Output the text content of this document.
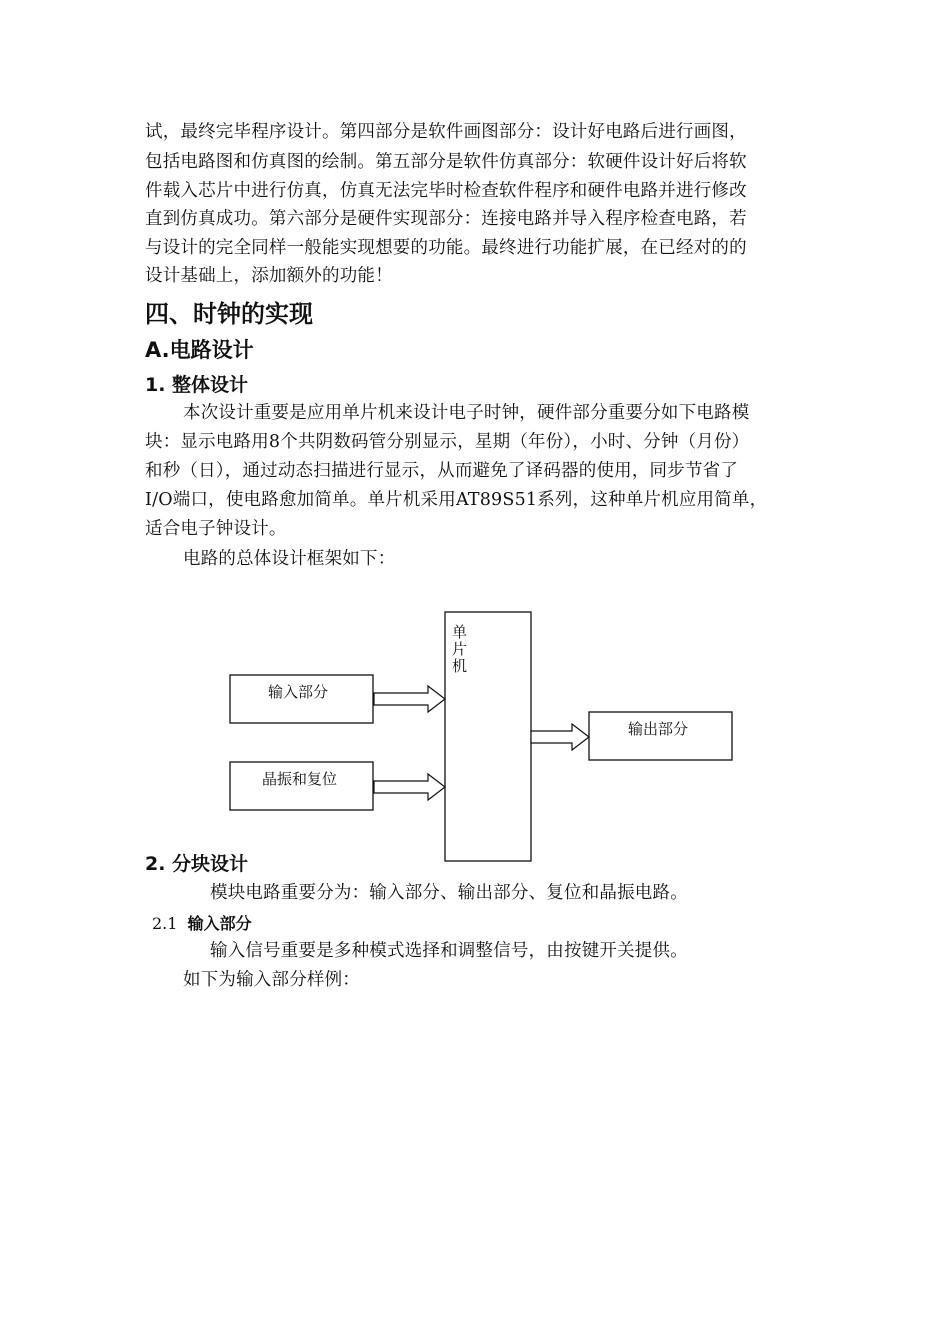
试，最终完毕程序设计。第四部分是软件画图部分：设计好电路后进行画图，
包括电路图和仿真图的绘制。第五部分是软件仿真部分：软硬件设计好后将软
件载入芯片中进行仿真，仿真无法完毕时检查软件程序和硬件电路并进行修改
直到仿真成功。第六部分是硬件实现部分：连接电路并导入程序检查电路，若
与设计的完全同样一般能实现想要的功能。最终进行功能扩展，在已经对的的
设计基础上，添加额外的功能！
四、时钟的实现
A.电路设计
1. 整体设计
本次设计重要是应用单片机来设计电子时钟，硬件部分重要分如下电路模
块：显示电路用8个共阴数码管分别显示，星期（年份），小时、分钟（月份）
和秒（日），通过动态扫描进行显示，从而避免了译码器的使用，同步节省了
I/O端口，使电路愈加简单。单片机采用AT89S51系列，这种单片机应用简单，
适合电子钟设计。
电路的总体设计框架如下：
单
片
机
输入部分
晶振和复位
输出部分
2. 分块设计
模块电路重要分为：输入部分、输出部分、复位和晶振电路。
2.1 输入部分
输入信号重要是多种模式选择和调整信号，由按键开关提供。
如下为输入部分样例：
